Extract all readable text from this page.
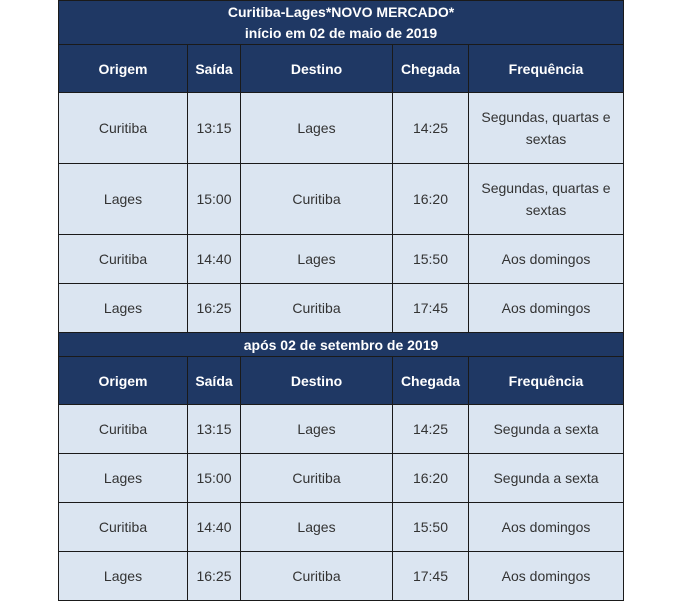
Curitiba-Lages*NOVO MERCADO*
início em 02 de maio de 2019				

Origem	Saída	Destino	Chegada	Frequência
Curitiba	13:15	Lages	14:25	Segundas, quartas e sextas
Lages	15:00	Curitiba	16:20	Segundas, quartas e sextas
Curitiba	14:40	Lages	15:50	Aos domingos
Lages	16:25	Curitiba	17:45	Aos domingos
após 02 de setembro de 2019				
Origem	Saída	Destino	Chegada	Frequência
Curitiba	13:15	Lages	14:25	Segunda a sexta
Lages	15:00	Curitiba	16:20	Segunda a sexta
Curitiba	14:40	Lages	15:50	Aos domingos
Lages	16:25	Curitiba	17:45	Aos domingos
